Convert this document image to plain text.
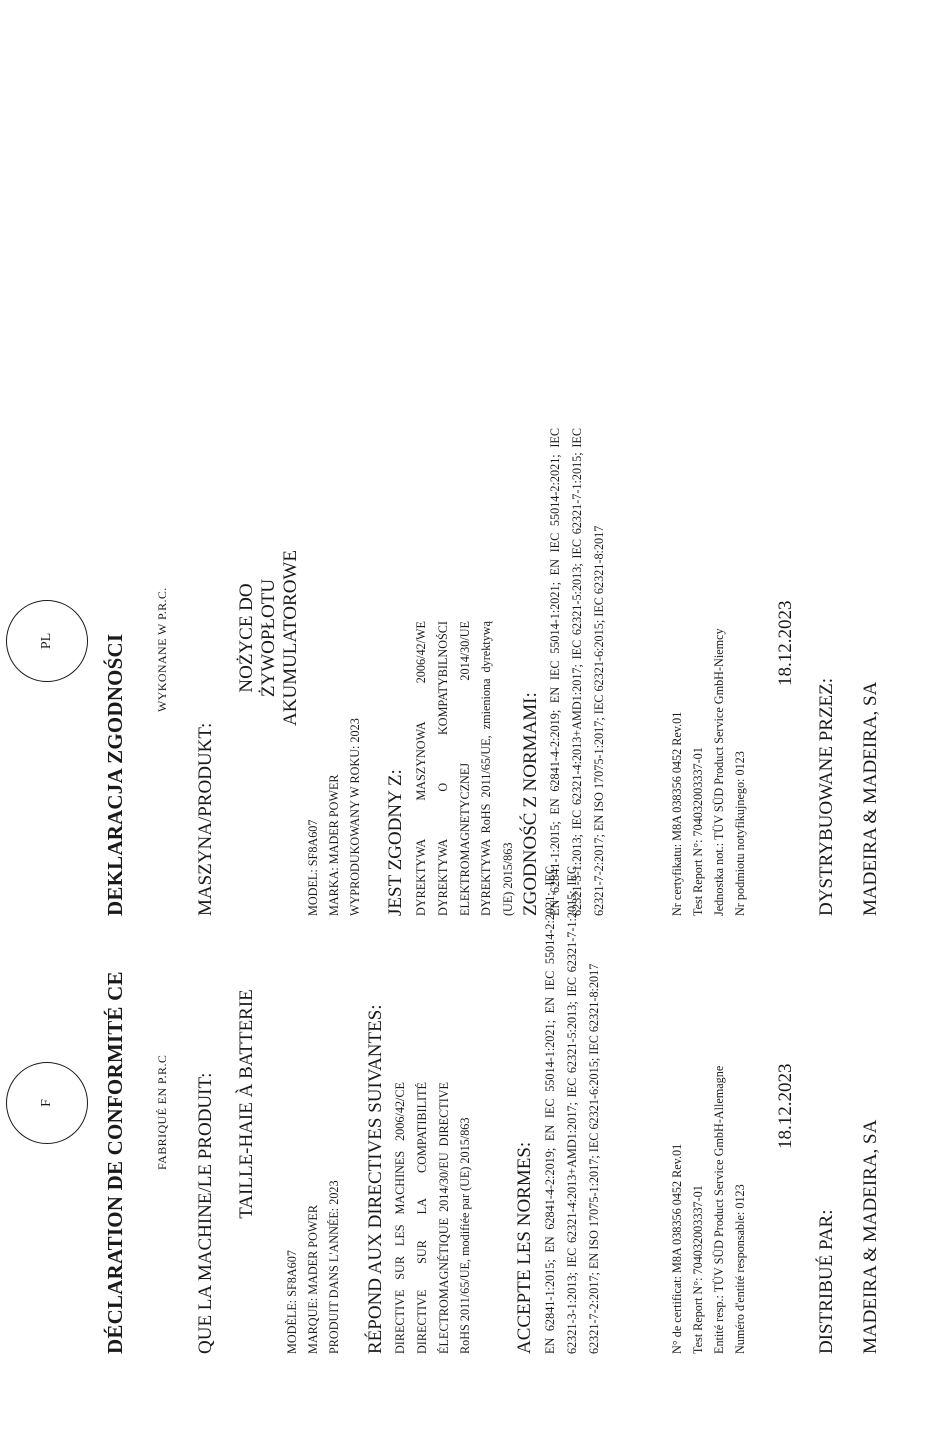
F DÉCLARATION DE CONFORMITÉ CE FABRIQUÉ EN P.R.C QUE LA MACHINE/LE PRODUIT: TAILLE-HAIE À BATTERIE
MODÈLE: SF8A607 MARQUE: MADER POWER PRODUIT DANS L'ANNÉE: 2023 RÉPOND AUX DIRECTIVES SUIVANTES: DIRECTIVE SUR LES MACHINES 2006/42/CE DIRECTIVE SUR LA COMPATIBILITÉ ÉLECTROMAGNÉTIQUE 2014/30/EU DIRECTIVE RoHS 2011/65/UE, modifiée par (UE) 2015/863 ACCEPTE LES NORMES: EN 62841-1:2015; EN 62841-4-2:2019; EN IEC 55014-1:2021; EN IEC 55014-2:2021; IEC 62321-3-1:2013; IEC 62321-4:2013+AMD1:2017; IEC 62321-5:2013; IEC 62321-7-1:2015; IEC 62321-7-2:2017; EN ISO 17075-1:2017; IEC 62321-6:2015; IEC 62321-8:2017	N° de certificat: M8A 038356 0452 Rev.01 Test Report N°: 704032003337-01 Entité resp.: TÜV SÜD Product Service GmbH-Allemagne Numéro d'entité responsable: 0123
18.12.2023
DISTRIBUÉ PAR: MADEIRA & MADEIRA, SA
PL DEKLARACJA ZGODNOŚCI WYKONANE W P.R.C.
MASZYNA/PRODUKT:
NOŻYCE DO ŻYWOPŁOTU AKUMULATOROWE
MODEL: SF8A607 MARKA: MADER POWER WYPRODUKOWANY W ROKU: 2023 JEST ZGODNY Z: DYREKTYWA MASZYNOWA 2006/42/WE DYREKTYWA O KOMPATYBILNOŚCI ELEKTROMAGNETYCZNEJ 2014/30/UE DYREKTYWA RoHS 2011/65/UE, zmieniona dyrektywą (UE) 2015/863 ZGODNOŚĆ Z NORMAMI: EN 62841-1:2015; EN 62841-4-2:2019; EN IEC 55014-1:2021; EN IEC 55014-2:2021; IEC 62321-3-1:2013; IEC 62321-4:2013+AMD1:2017; IEC 62321-5:2013; IEC 62321-7-1:2015; IEC 62321-7-2:2017; EN ISO 17075-1:2017; IEC 62321-6:2015; IEC 62321-8:2017	Nr certyfikatu: M8A 038356 0452 Rev.01 Test Report N°: 704032003337-01 Jednostka not.: TÜV SÜD Product Service GmbH-Niemcy Nr podmiotu notyfikujnego: 0123
18.12.2023
DYSTRYBUOWANE PRZEZ: MADEIRA & MADEIRA, SA
